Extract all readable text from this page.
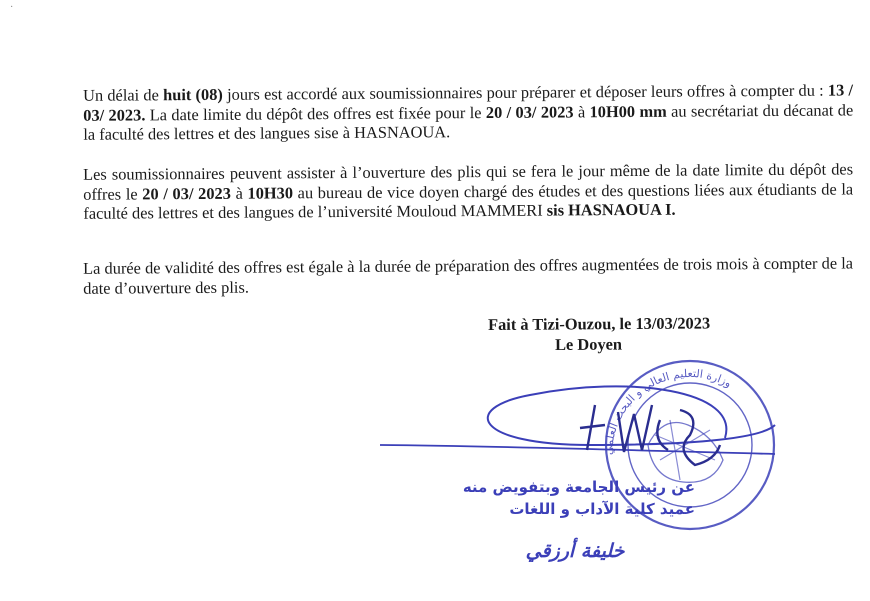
·

Un délai de huit (08) jours est accordé aux soumissionnaires pour préparer et déposer leurs offres à compter du : 13 / 03/ 2023. La date limite du dépôt des offres est fixée pour le 20 / 03/ 2023 à 10H00 mm au secrétariat du décanat de la faculté des lettres et des langues sise à HASNAOUA.

Les soumissionnaires peuvent assister à l’ouverture des plis qui se fera le jour même de la date limite du dépôt des offres le 20 / 03/ 2023 à 10H30 au bureau de vice doyen chargé des études et des questions liées aux étudiants de la faculté des lettres et des langues de l’université Mouloud MAMMERI sis HASNAOUA I.

La durée de validité des offres est égale à la durée de préparation des offres augmentées de trois mois à compter de la date d’ouverture des plis.

Fait à Tizi-Ouzou, le 13/03/2023
Le Doyen
وزارة التعليم العالي و البحث العلمي
عن رئيس الجامعة وبتفويض منه
عميد كلية الآداب و اللغات
خليفة أرزقي
